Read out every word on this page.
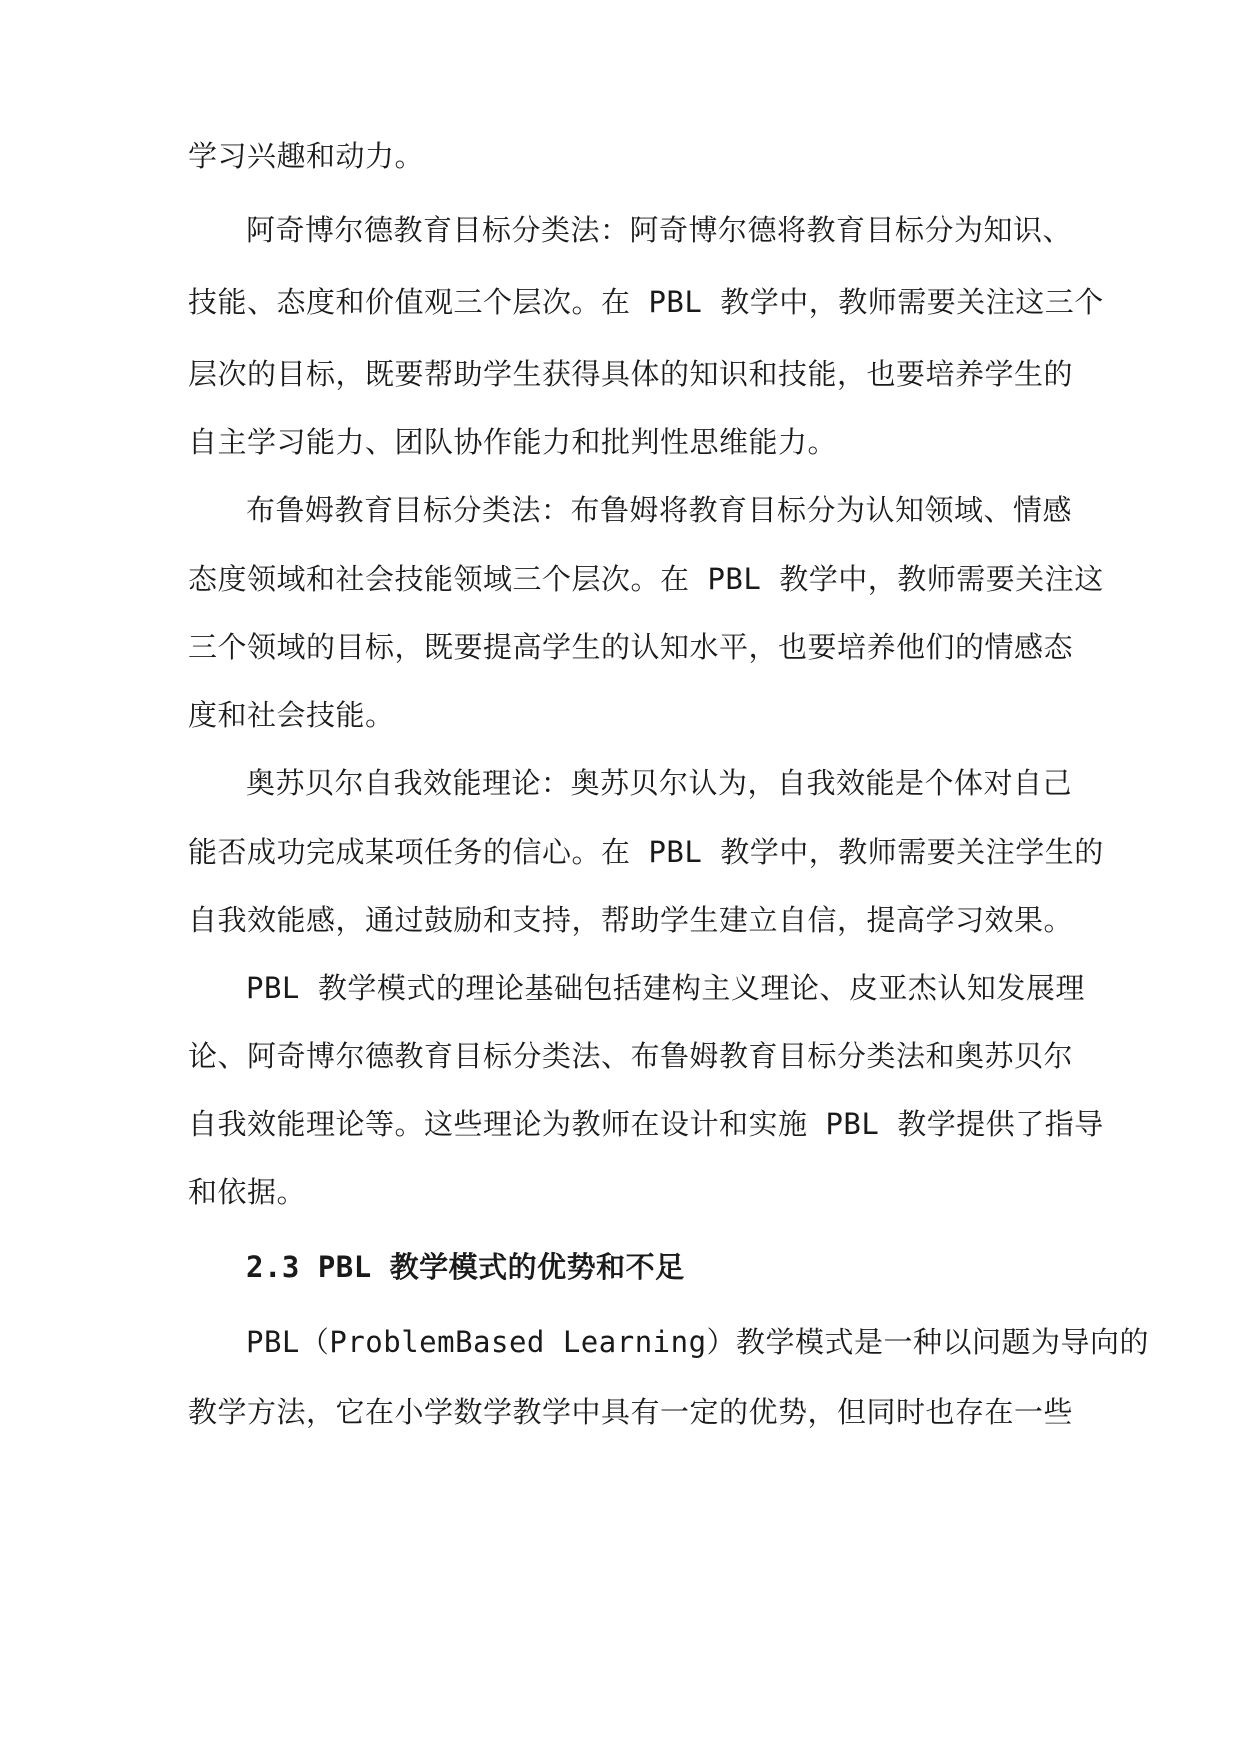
学习兴趣和动力。
阿奇博尔德教育目标分类法：阿奇博尔德将教育目标分为知识、
技能、态度和价值观三个层次。在 PBL 教学中，教师需要关注这三个
层次的目标，既要帮助学生获得具体的知识和技能，也要培养学生的
自主学习能力、团队协作能力和批判性思维能力。
布鲁姆教育目标分类法：布鲁姆将教育目标分为认知领域、情感
态度领域和社会技能领域三个层次。在 PBL 教学中，教师需要关注这
三个领域的目标，既要提高学生的认知水平，也要培养他们的情感态
度和社会技能。
奥苏贝尔自我效能理论：奥苏贝尔认为，自我效能是个体对自己
能否成功完成某项任务的信心。在 PBL 教学中，教师需要关注学生的
自我效能感，通过鼓励和支持，帮助学生建立自信，提高学习效果。
PBL 教学模式的理论基础包括建构主义理论、皮亚杰认知发展理
论、阿奇博尔德教育目标分类法、布鲁姆教育目标分类法和奥苏贝尔
自我效能理论等。这些理论为教师在设计和实施 PBL 教学提供了指导
和依据。
2.3 PBL 教学模式的优势和不足
PBL（ProblemBased Learning）教学模式是一种以问题为导向的
教学方法，它在小学数学教学中具有一定的优势，但同时也存在一些
